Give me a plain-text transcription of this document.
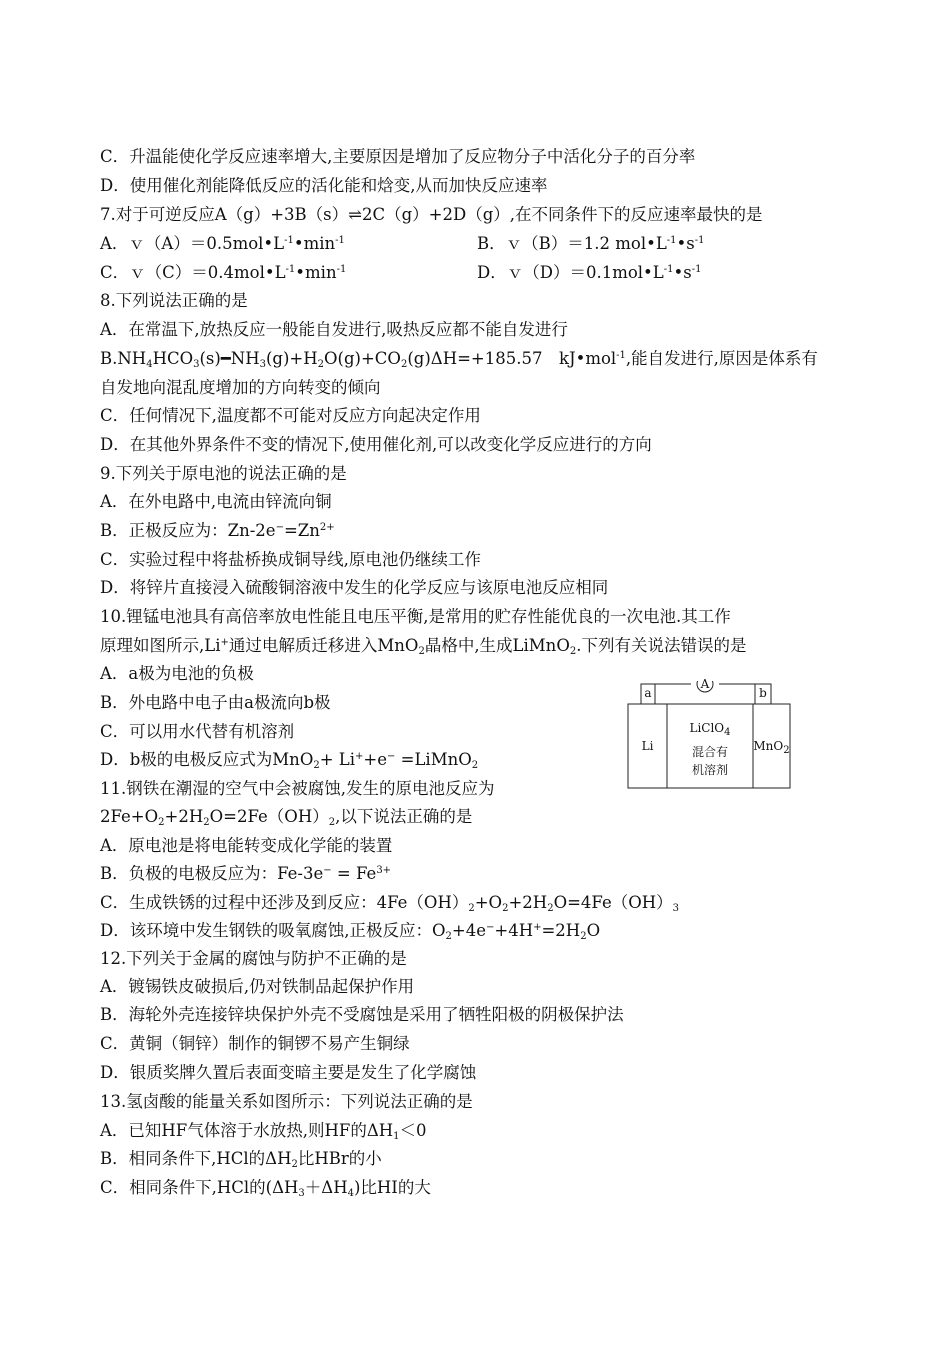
C．升温能使化学反应速率增大,主要原因是增加了反应物分子中活化分子的百分率
D．使用催化剂能降低反应的活化能和焓变,从而加快反应速率
7.对于可逆反应A（g）+3B（s）⇌2C（g）+2D（g）,在不同条件下的反应速率最快的是
A．$v(A)=0.5mol•L^{-1}•\min^{-1}$	B．ｖ（B）＝1.2 $mol•L^{-1}•s^{-1}$
C．$v(C)=0.4mol•L^{-1}•\min^{-1}$	D．$v(D)=0.1mol•L^{-1}•s^{-1}$
8.下列说法正确的是
A．在常温下,放热反应一般能自发进行,吸热反应都不能自发进行
$B.NH_4HCO_3(s)━NH_3(g)+H_2O(g)+CO_2(g)\Delta H=+185.57$　kJ•mol$^{-1}$,能自发进行,原因是体系有
自发地向混乱度增加的方向转变的倾向
C．任何情况下,温度都不可能对反应方向起决定作用
D．在其他外界条件不变的情况下,使用催化剂,可以改变化学反应进行的方向
9.下列关于原电池的说法正确的是
A．在外电路中,电流由锌流向铜
B．正极反应为：$Zn-2e^-=Zn^{2+}$
C．实验过程中将盐桥换成铜导线,原电池仍继续工作
D．将锌片直接浸入硫酸铜溶液中发生的化学反应与该原电池反应相同
10.锂锰电池具有高倍率放电性能且电压平衡,是常用的贮存性能优良的一次电池.其工作
原理如图所示,Li+通过电解质迁移进入MnO$_2$晶格中,生成LiMnO$_2$.下列有关说法错误的是
A．a极为电池的负极
B．外电路中电子由a极流向b极
C．可以用水代替有机溶剂
D．b极的电极反应式为MnO$_2$+ Li++e− =LiMnO$_2$
A
a	b
Li
LiClO$_4$
混合有
机溶剂
MnO$_2$
11.钢铁在潮湿的空气中会被腐蚀,发生的原电池反应为
$2Fe+O_2+2H_2O=2Fe(OH)_2$,以下说法正确的是
A．原电池是将电能转变成化学能的装置
B．负极的电极反应为：$Fe-3e^- = Fe^{3+}$
C．生成铁锈的过程中还涉及到反应：$4Fe(OH)_2+O_2+2H_2O=4Fe(OH)_3$
D．该环境中发生钢铁的吸氧腐蚀,正极反应：$O_2+4e^-+4H^+=2H_2O$
12.下列关于金属的腐蚀与防护不正确的是
A．镀锡铁皮破损后,仍对铁制品起保护作用
B．海轮外壳连接锌块保护外壳不受腐蚀是采用了牺牲阳极的阴极保护法
C．黄铜（铜锌）制作的铜锣不易产生铜绿
D．银质奖牌久置后表面变暗主要是发生了化学腐蚀
13.氢卤酸的能量关系如图所示：下列说法正确的是
A．已知HF气体溶于水放热,则HF的$\Delta H_1<0$
B．相同条件下,HCl的$\Delta H_2$比HBr的小
C．相同条件下,HCl的$(\Delta H_3+\Delta H_4)$比HI的大
